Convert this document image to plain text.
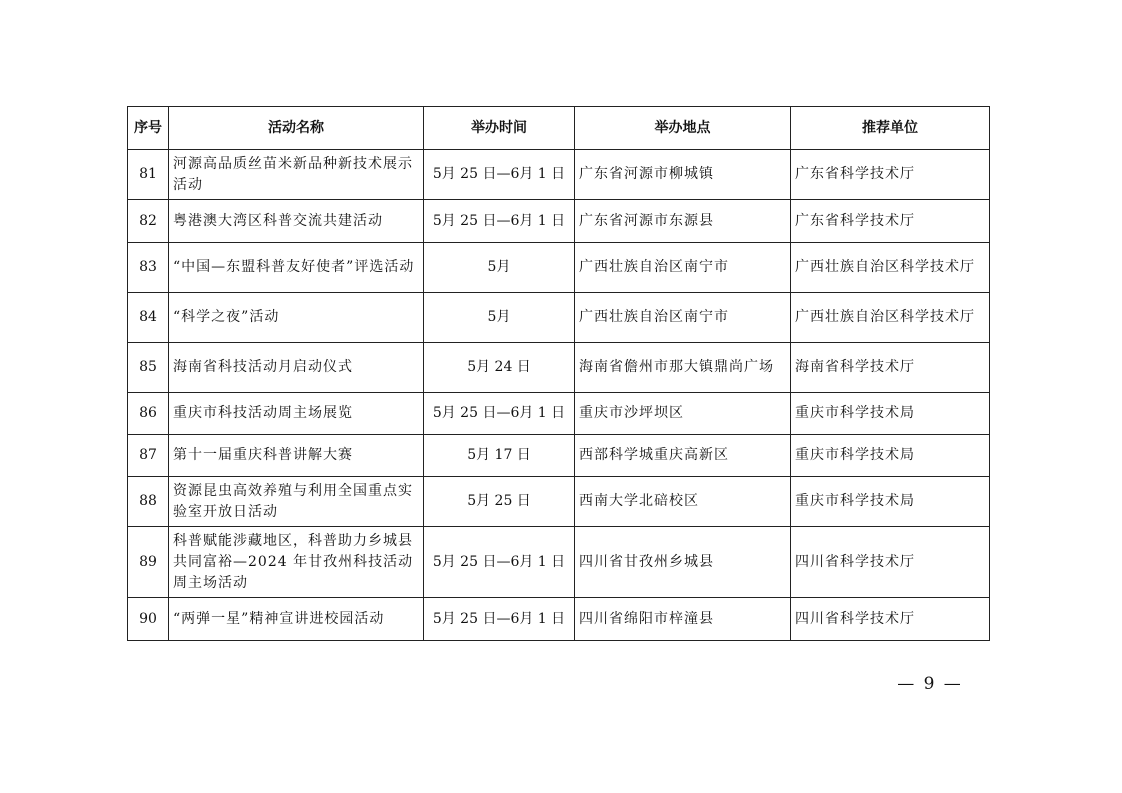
序号	活动名称	举办时间	举办地点	推荐单位
81	河源高品质丝苗米新品种新技术展示活动	5月 25 日—6月 1 日	广东省河源市柳城镇	广东省科学技术厅
82	粤港澳大湾区科普交流共建活动	5月 25 日—6月 1 日	广东省河源市东源县	广东省科学技术厅
83	“中国—东盟科普友好使者”评选活动	5月	广西壮族自治区南宁市	广西壮族自治区科学技术厅
84	“科学之夜”活动	5月	广西壮族自治区南宁市	广西壮族自治区科学技术厅
85	海南省科技活动月启动仪式	5月 24 日	海南省儋州市那大镇鼎尚广场	海南省科学技术厅
86	重庆市科技活动周主场展览	5月 25 日—6月 1 日	重庆市沙坪坝区	重庆市科学技术局
87	第十一届重庆科普讲解大赛	5月 17 日	西部科学城重庆高新区	重庆市科学技术局
88	资源昆虫高效养殖与利用全国重点实验室开放日活动	5月 25 日	西南大学北碚校区	重庆市科学技术局
89	科普赋能涉藏地区，科普助力乡城县共同富裕—2024 年甘孜州科技活动周主场活动	5月 25 日—6月 1 日	四川省甘孜州乡城县	四川省科学技术厅
90	“两弹一星”精神宣讲进校园活动	5月 25 日—6月 1 日	四川省绵阳市梓潼县	四川省科学技术厅
— 9 —
